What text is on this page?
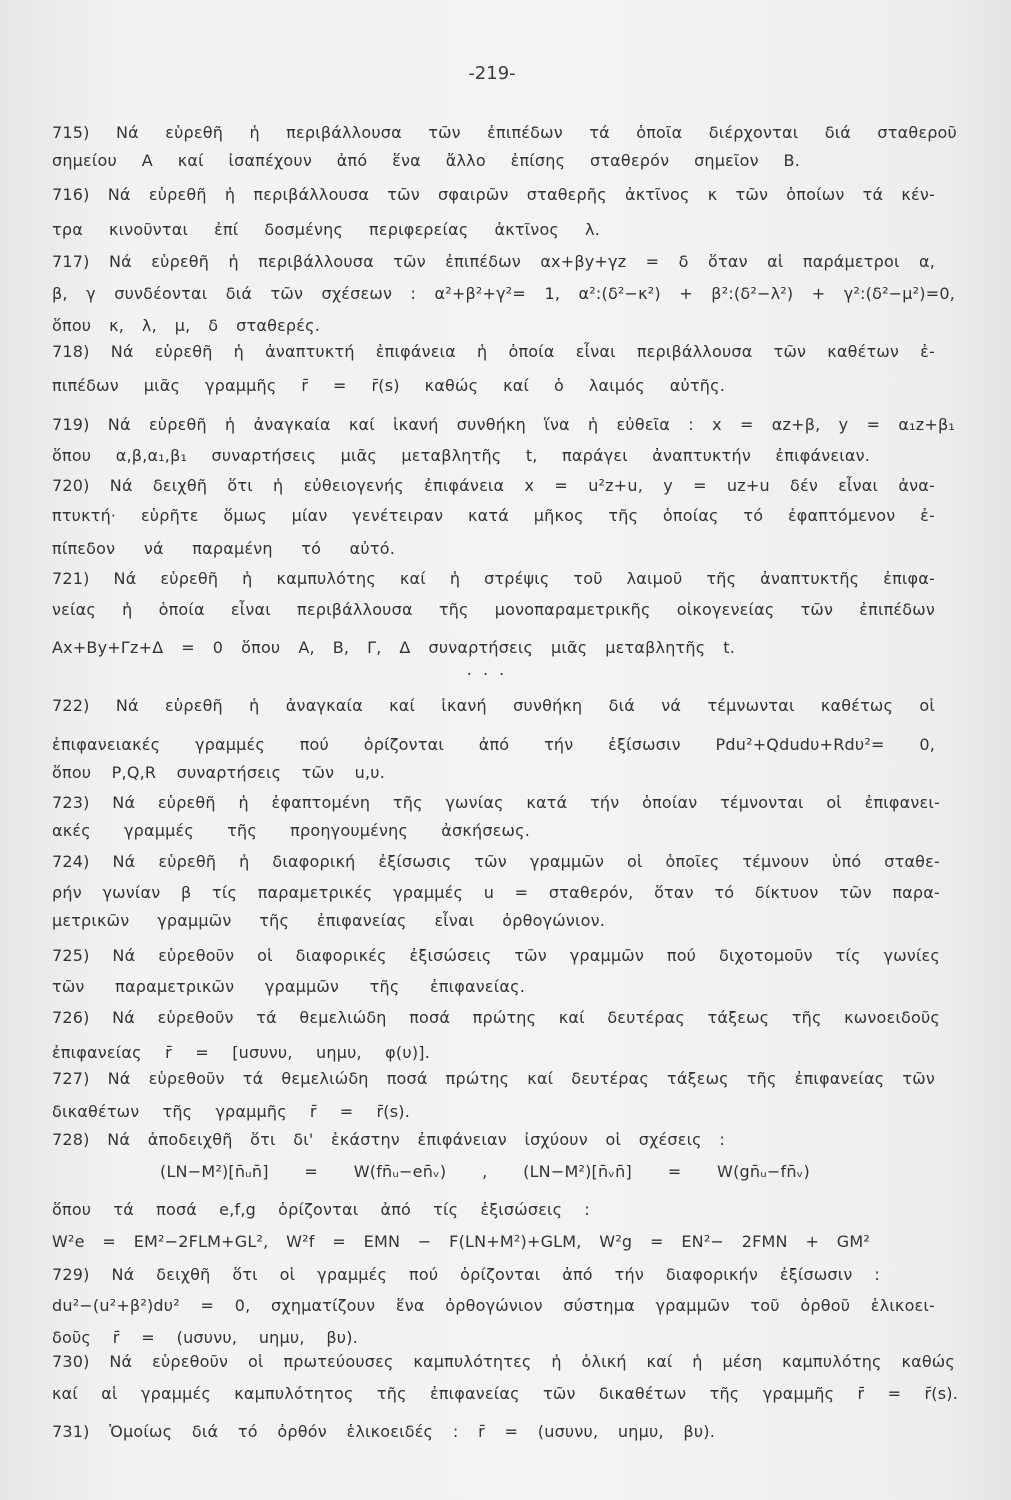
-219-
715) Νά εὑρεθῆ ἡ περιβάλλουσα τῶν ἐπιπέδων τά ὁποῖα διέρχονται διά σταθεροῦ
σημείου Α καί ἰσαπέχουν ἀπό ἕνα ἄλλο ἐπίσης σταθερόν σημεῖον Β.
716) Νά εὑρεθῆ ἡ περιβάλλουσα τῶν σφαιρῶν σταθερῆς ἀκτῖνος κ τῶν ὁποίων τά κέν-
τρα κινοῦνται ἐπί δοσμένης περιφερείας ἀκτῖνος λ.
717) Νά εὑρεθῆ ἡ περιβάλλουσα τῶν ἐπιπέδων αx+βy+γz = δ ὅταν αἱ παράμετροι α,
β, γ συνδέονται διά τῶν σχέσεων : α²+β²+γ²= 1, α²:(δ²−κ²) + β²:(δ²−λ²) + γ²:(δ²−μ²)=0,
ὅπου κ, λ, μ, δ σταθερές.
718) Νά εὑρεθῆ ἡ ἀναπτυκτή ἐπιφάνεια ἡ ὁποία εἶναι περιβάλλουσα τῶν καθέτων ἐ-
πιπέδων μιᾶς γραμμῆς r̄ = r̄(s) καθώς καί ὁ λαιμός αὐτῆς.
719) Νά εὑρεθῆ ἡ ἀναγκαία καί ἱκανή συνθήκη ἵνα ἡ εὐθεῖα : x = αz+β, y = α₁z+β₁
ὅπου α,β,α₁,β₁ συναρτήσεις μιᾶς μεταβλητῆς t, παράγει ἀναπτυκτήν ἐπιφάνειαν.
720) Νά δειχθῆ ὅτι ἡ εὐθειογενής ἐπιφάνεια x = u²z+u, y = uz+u δέν εἶναι ἀνα-
πτυκτή· εὑρῆτε ὅμως μίαν γενέτειραν κατά μῆκος τῆς ὁποίας τό ἐφαπτόμενον ἐ-
πίπεδον νά παραμένη τό αὐτό.
721) Νά εὑρεθῆ ἡ καμπυλότης καί ἡ στρέψις τοῦ λαιμοῦ τῆς ἀναπτυκτῆς ἐπιφα-
νείας ἡ ὁποία εἶναι περιβάλλουσα τῆς μονοπαραμετρικῆς οἰκογενείας τῶν ἐπιπέδων
Αx+Βy+Γz+Δ = 0 ὅπου Α, Β, Γ, Δ συναρτήσεις μιᾶς μεταβλητῆς t.
. . .
722) Νά εὑρεθῆ ἡ ἀναγκαία καί ἱκανή συνθήκη διά νά τέμνωνται καθέτως οἱ
ἐπιφανειακές γραμμές πού ὁρίζονται ἀπό τήν ἐξίσωσιν Pdu²+Qdudυ+Rdυ²= 0,
ὅπου P,Q,R συναρτήσεις τῶν u,υ.
723) Νά εὑρεθῆ ἡ ἐφαπτομένη τῆς γωνίας κατά τήν ὁποίαν τέμνονται οἱ ἐπιφανει-
ακές γραμμές τῆς προηγουμένης ἀσκήσεως.
724) Νά εὑρεθῆ ἡ διαφορική ἐξίσωσις τῶν γραμμῶν οἱ ὁποῖες τέμνουν ὑπό σταθε-
ρήν γωνίαν β τίς παραμετρικές γραμμές u = σταθερόν, ὅταν τό δίκτυον τῶν παρα-
μετρικῶν γραμμῶν τῆς ἐπιφανείας εἶναι ὀρθογώνιον.
725) Νά εὑρεθοῦν οἱ διαφορικές ἐξισώσεις τῶν γραμμῶν πού διχοτομοῦν τίς γωνίες
τῶν παραμετρικῶν γραμμῶν τῆς ἐπιφανείας.
726) Νά εὑρεθοῦν τά θεμελιώδη ποσά πρώτης καί δευτέρας τάξεως τῆς κωνοειδοῦς
ἐπιφανείας r̄ = [uσυνυ, uημυ, φ(υ)].
727) Νά εὑρεθοῦν τά θεμελιώδη ποσά πρώτης καί δευτέρας τάξεως τῆς ἐπιφανείας τῶν
δικαθέτων τῆς γραμμῆς r̄ = r̄(s).
728) Νά ἀποδειχθῆ ὅτι δι' ἑκάστην ἐπιφάνειαν ἰσχύουν οἱ σχέσεις :
(LN−M²)[n̄ᵤn̄] = W(fn̄ᵤ−en̄ᵥ) , (LN−M²)[n̄ᵥn̄] = W(gn̄ᵤ−fn̄ᵥ)
ὅπου τά ποσά e,f,g ὁρίζονται ἀπό τίς ἐξισώσεις :
W²e = EM²−2FLM+GL², W²f = EMN − F(LN+M²)+GLM, W²g = EN²− 2FMN + GM²
729) Νά δειχθῆ ὅτι οἱ γραμμές πού ὁρίζονται ἀπό τήν διαφορικήν ἐξίσωσιν :
du²−(u²+β²)dυ² = 0, σχηματίζουν ἕνα ὀρθογώνιον σύστημα γραμμῶν τοῦ ὀρθοῦ ἑλικοει-
δοῦς r̄ = (uσυνυ, uημυ, βυ).
730) Νά εὑρεθοῦν οἱ πρωτεύουσες καμπυλότητες ἡ ὁλική καί ἡ μέση καμπυλότης καθώς
καί αἱ γραμμές καμπυλότητος τῆς ἐπιφανείας τῶν δικαθέτων τῆς γραμμῆς r̄ = r̄(s).
731) Ὁμοίως διά τό ὀρθόν ἑλικοειδές : r̄ = (uσυνυ, uημυ, βυ).
